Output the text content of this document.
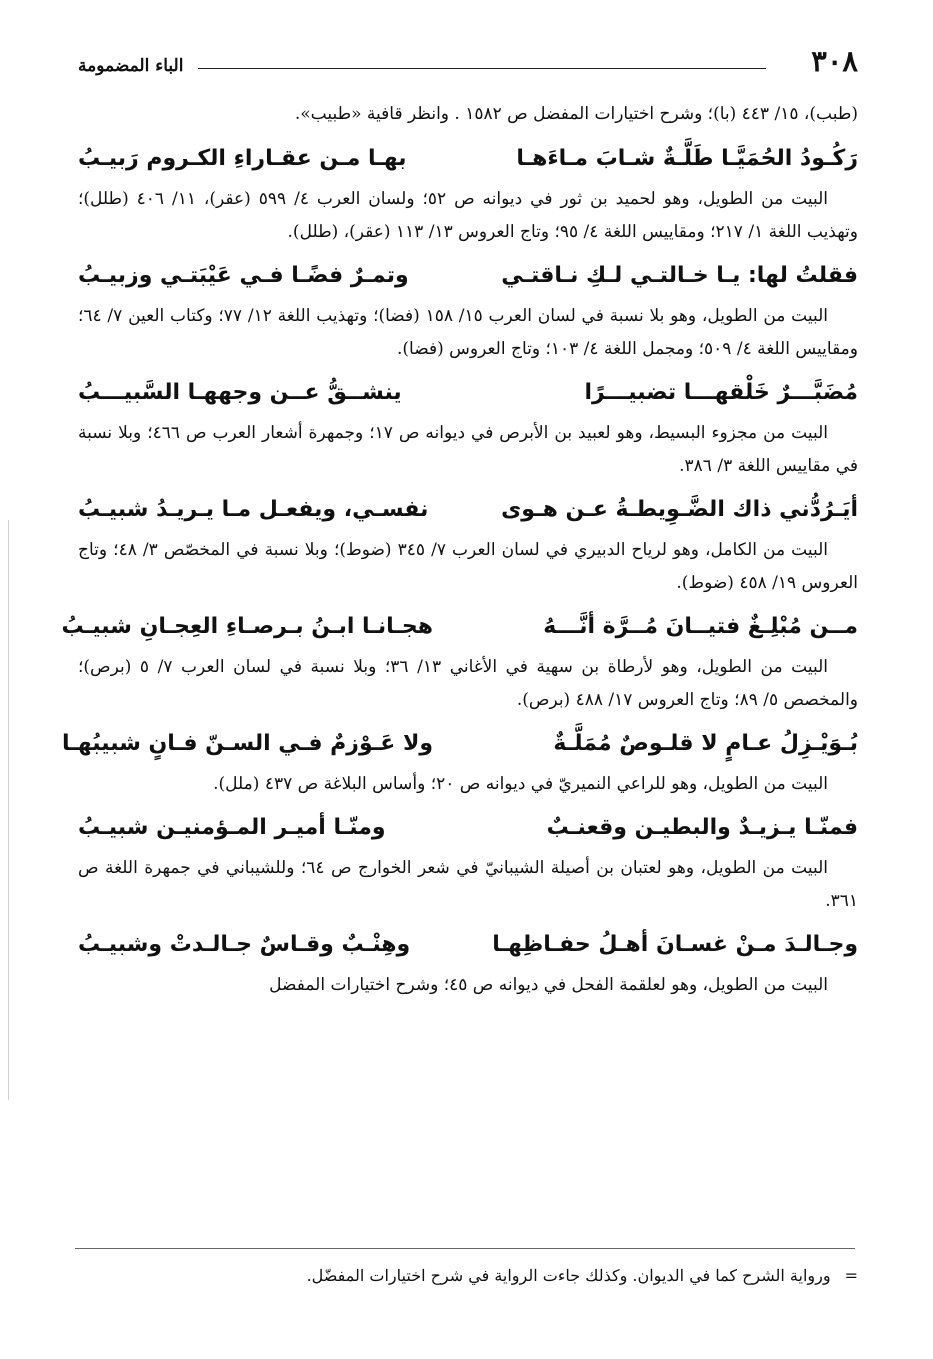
٣٠٨
الباء المضمومة

(طبب)، ١٥/ ٤٤٣ (با)؛ وشرح اختيارات المفضل ص ١٥٨٢ . وانظر قافية «طبيب».

رَكُـودُ الحُمَيَّـا طَلَّـةٌ شـابَ مـاءَهـا
بهـا مـن عقـاراءِ الكـروم رَبيـبُ

البيت من الطويل، وهو لحميد بن ثور في ديوانه ص ٥٢؛ ولسان العرب ٤/ ٥٩٩ (عقر)، ١١/ ٤٠٦ (طلل)؛ وتهذيب اللغة ١/ ٢١٧؛ ومقاييس اللغة ٤/ ٩٥؛ وتاج العروس ١٣/ ١١٣ (عقر)، (طلل).

فقلتُ لها: يـا خـالتـي لـكِ نـاقتـي
وتمـرٌ فضًـا فـي عَيْبَتـي وزبيـبُ

البيت من الطويل، وهو بلا نسبة في لسان العرب ١٥/ ١٥٨ (فضا)؛ وتهذيب اللغة ١٢/ ٧٧؛ وكتاب العين ٧/ ٦٤؛ ومقاييس اللغة ٤/ ٥٠٩؛ ومجمل اللغة ٤/ ١٠٣؛ وتاج العروس (فضا).

مُضَبَّـــرٌ خَلْقهـــا تضبيـــرًا
ينشــقُّ عــن وجههـا السَّبيـــبُ

البيت من مجزوء البسيط، وهو لعبيد بن الأبرص في ديوانه ص ١٧؛ وجمهرة أشعار العرب ص ٤٦٦؛ وبلا نسبة في مقاييس اللغة ٣/ ٣٨٦.

أيَـرُدُّني ذاك الضَّـوِيطـةُ عـن هـوى
نفسـي، ويفعـل مـا يـريـدُ شبيـبُ

البيت من الكامل، وهو لرياح الدبيري في لسان العرب ٧/ ٣٤٥ (ضوط)؛ وبلا نسبة في المخصّص ٣/ ٤٨؛ وتاج العروس ١٩/ ٤٥٨ (ضوط).

مــن مُبْلِـغٌ فتيــانَ مُــرَّة أنَّـــهُ
هجـانـا ابـنُ بـرصـاءِ العِجـانِ شبيـبُ

البيت من الطويل، وهو لأرطاة بن سهية في الأغاني ١٣/ ٣٦؛ وبلا نسبة في لسان العرب ٧/ ٥ (برص)؛ والمخصص ٥/ ٨٩؛ وتاج العروس ١٧/ ٤٨٨ (برص).

بُـوَيْـزِلُ عـامٍ لا قلـوصٌ مُمَلَّـةٌ
ولا عَـوْزمٌ فـي السـنّ فـانٍ شبيبُهـا

البيت من الطويل، وهو للراعي النميريّ في ديوانه ص ٢٠؛ وأساس البلاغة ص ٤٣٧ (ملل).

فمنّـا يـزيـدٌ والبطيـن وقعنـبٌ
ومنّـا أميـر المـؤمنيـن شبيـبُ

البيت من الطويل، وهو لعتبان بن أصيلة الشيبانيّ في شعر الخوارج ص ٦٤؛ وللشيباني في جمهرة اللغة ص ٣٦١.

وجـالـدَ مـنْ غسـانَ أهـلُ حفـاظِهـا
وهِنْـبٌ وقـاسٌ جـالـدتْ وشبيـبُ

البيت من الطويل، وهو لعلقمة الفحل في ديوانه ص ٤٥؛ وشرح اختيارات المفضل

=ورواية الشرح كما في الديوان. وكذلك جاءت الرواية في شرح اختيارات المفضّل.
